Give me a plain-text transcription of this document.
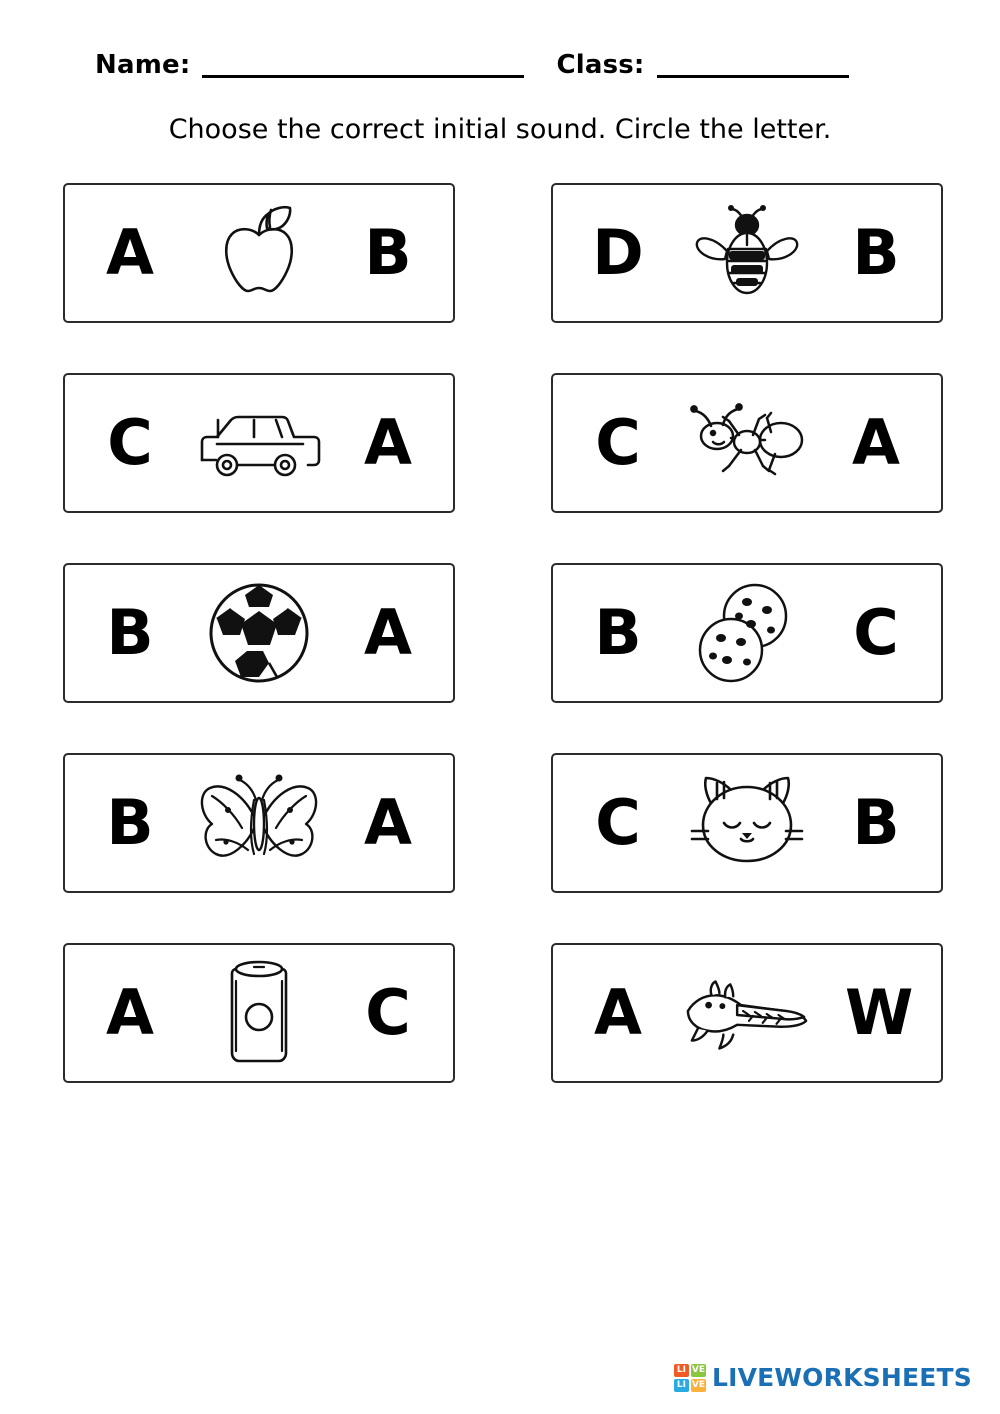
Name:	Class:
Choose the correct initial sound. Circle the letter.
A	B	D	B
C	A	C	A
B	A	B	C
B	A	C	B
A	C	A	W
LI VE
LI VE LIVEWORKSHEETS
